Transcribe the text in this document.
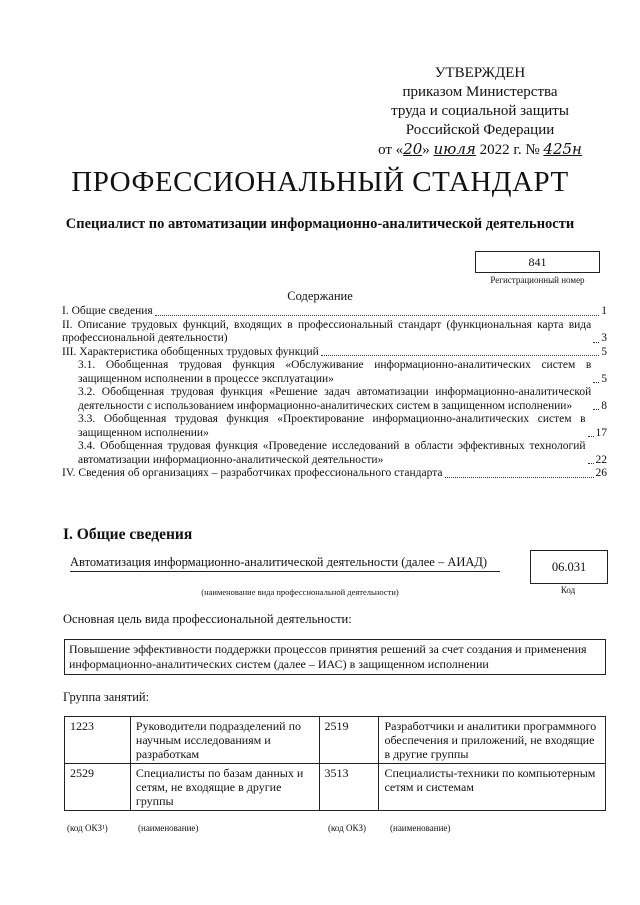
УТВЕРЖДЕН
приказом Министерства
труда и социальной защиты
Российской Федерации
от «20» июля 2022 г. № 425н
ПРОФЕССИОНАЛЬНЫЙ СТАНДАРТ
Специалист по автоматизации информационно-аналитической деятельности
841
Регистрационный номер
Содержание
I. Общие сведения	1
II. Описание трудовых функций, входящих в профессиональный стандарт (функциональная карта вида профессиональной деятельности)	3
III. Характеристика обобщенных трудовых функций	5
3.1. Обобщенная трудовая функция «Обслуживание информационно-аналитических систем в защищенном исполнении в процессе эксплуатации»	5
3.2. Обобщенная трудовая функция «Решение задач автоматизации информационно-аналитической деятельности с использованием информационно-аналитических систем в защищенном исполнении»	8
3.3. Обобщенная трудовая функция «Проектирование информационно-аналитических систем в защищенном исполнении»	17
3.4. Обобщенная трудовая функция «Проведение исследований в области эффективных технологий автоматизации информационно-аналитической деятельности»	22
IV. Сведения об организациях – разработчиках профессионального стандарта	26
I. Общие сведения
Автоматизация информационно-аналитической деятельности (далее – АИАД)	06.031
(наименование вида профессиональной деятельности)	Код
Основная цель вида профессиональной деятельности:
Повышение эффективности поддержки процессов принятия решений за счет создания и применения информационно-аналитических систем (далее – ИАС) в защищенном исполнении
Группа занятий:
1223	Руководители подразделений по научным исследованиям и разработкам	2519	Разработчики и аналитики программного обеспечения и приложений, не входящие в другие группы
2529	Специалисты по базам данных и сетям, не входящие в другие группы	3513	Специалисты-техники по компьютерным сетям и системам
(код ОКЗ¹)	(наименование)	(код ОКЗ)	(наименование)
